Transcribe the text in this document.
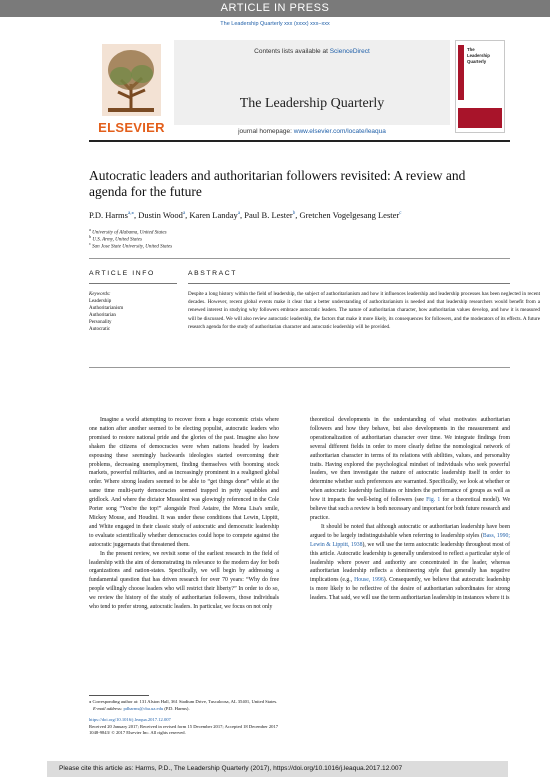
ARTICLE IN PRESS
The Leadership Quarterly xxx (xxxx) xxx–xxx
ELSEVIER
Contents lists available at ScienceDirect
The Leadership Quarterly
journal homepage: www.elsevier.com/locate/leaqua
The
Leadership
Quarterly
Autocratic leaders and authoritarian followers revisited: A review and agenda for the future
P.D. Harms$^{a,⁎}$, Dustin Wood$^a$, Karen Landay$^a$, Paul B. Lester$^b$, Gretchen Vogelgesang Lester$^c$
$^a$ University of Alabama, United States
$^b$ U.S. Army, United States
$^c$ San Jose State University, United States
ARTICLE INFO	ABSTRACT
Keywords:
Leadership
Authoritarianism
Authoritarian
Personality
Autocratic
Despite a long history within the field of leadership, the subject of authoritarianism and how it influences leadership and leadership processes has been neglected in recent decades. However, recent global events make it clear that a better understanding of authoritarianism is needed and that leadership researchers would benefit from a renewed interest in studying why followers embrace autocratic leaders. The nature of authoritarian character, how authoritarian values develop, and how it is measured will be discussed. We will also review autocratic leadership, the factors that make it more likely, its consequences for followers, and the moderators of its effects. A future research agenda for the study of authoritarian character and autocratic leadership will be provided.

Imagine a world attempting to recover from a huge economic crisis where one nation after another seemed to be electing populist, autocratic leaders who promised to restore national pride and the glories of the past. Imagine also how shaken the citizens of democracies were when nations headed by leaders espousing these seemingly backwards ideologies started overcoming their problems, decreasing unemployment, finding themselves with booming stock markets, powerful militaries, and as increasingly prominent in a realigned global order. Where strong leaders seemed to be able to “get things done” while at the same time multi-party democracies seemed trapped in petty squabbles and gridlock. And where the dictator Mussolini was glowingly referenced in the Cole Porter song “You're the top!” alongside Fred Astaire, the Mona Lisa's smile, Mickey Mouse, and Houdini. It was under these conditions that Lewin, Lippitt, and White engaged in their classic study of autocratic and democratic leadership to evaluate scientifically whether democracies could hope to compete against the autocratic juggernauts that threatened them.

In the present review, we revisit some of the earliest research in the field of leadership with the aim of demonstrating its relevance to the modern day for both organizations and nation-states. Specifically, we will begin by addressing a fundamental question that has driven research for over 70 years: “Why do free people willingly choose leaders who will restrict their liberty?” In order to do so, we review the history of the study of authoritarian followers, those individuals who tend to prefer strong, autocratic leaders. In particular, we focus on not only

theoretical developments in the understanding of what motivates authoritarian followers and how they behave, but also developments in the measurement and operationalization of authoritarian character over time. We integrate findings from several different fields in order to more clearly define the nomological network of authoritarian character in terms of its relations with abilities, values, and personality traits. Having explored the psychological mindset of individuals who seek powerful leaders, we then investigate the nature of autocratic leadership itself in order to determine whether such preferences are warranted. Specifically, we look at whether or when autocratic leadership facilitates or hinders the performance of groups as well as how it impacts the well-being of followers (see Fig. 1 for a theoretical model). We believe that such a review is both necessary and important for both future research and practice.

It should be noted that although autocratic or authoritarian leadership have been argued to be largely indistinguishable when referring to leadership styles (Bass, 1990; Lewin & Lippitt, 1938), we will use the term autocratic leadership throughout most of this article. Autocratic leadership is generally understood to reflect a particular style of leadership where power and authority are concentrated in the leader, whereas authoritarian leadership reflects a domineering style that generally has negative implications (e.g., House, 1996). Consequently, we believe that autocratic leadership is more likely to be reflective of the desire of authoritarian subordinates for strong leaders. That said, we will use the term authoritarian leadership in instances where it is

⁎ Corresponding author at: 131 Alston Hall, 361 Stadium Drive, Tuscaloosa, AL 35401, United States.
E-mail address: pdharms@cba.ua.edu (P.D. Harms).
https://doi.org/10.1016/j.leaqua.2017.12.007
Received 20 January 2017; Received in revised form 15 December 2017; Accepted 18 December 2017
1048-9843/ © 2017 Elsevier Inc. All rights reserved.
Please cite this article as: Harms, P.D., The Leadership Quarterly (2017), https://doi.org/10.1016/j.leaqua.2017.12.007
